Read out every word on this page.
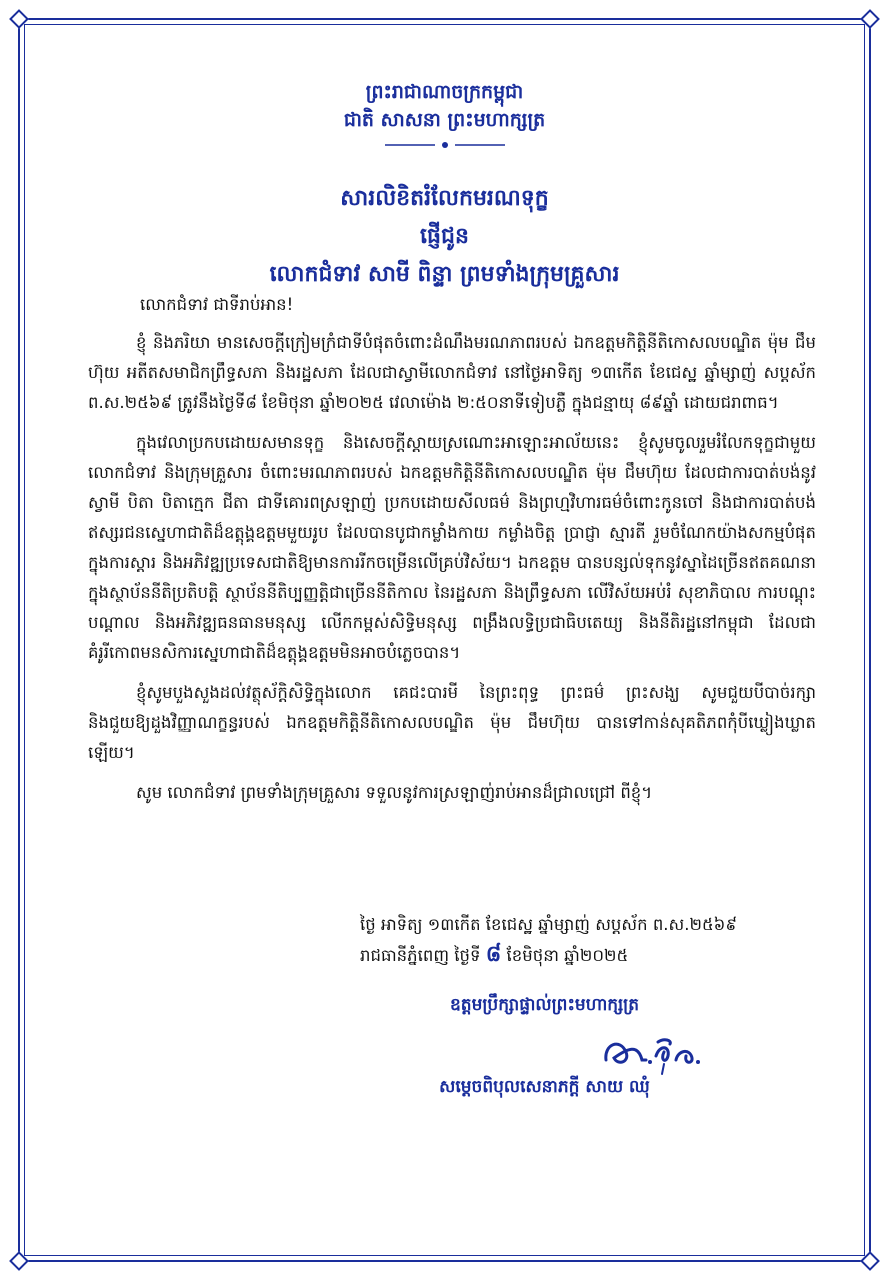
ព្រះរាជាណាចក្រកម្ពុជា
ជាតិ សាសនា ព្រះមហាក្សត្រ
សារលិខិតរំលែកមរណទុក្ខ
ផ្ញើជូន
លោកជំទាវ សាមី ពិន្ទា ព្រមទាំងក្រុមគ្រួសារ
លោកជំទាវ ជាទីរាប់អាន!

ខ្ញុំ និងភរិយា មានសេចក្តីក្រៀមក្រំជាទីបំផុតចំពោះដំណឹងមរណភាពរបស់ ឯកឧត្តមកិត្តិនីតិកោសលបណ្ឌិត ម៉ុម ជឹមហ៊ុយ អតីតសមាជិកព្រឹទ្ធសភា និងរដ្ឋសភា ដែលជាស្វាមីលោកជំទាវ នៅថ្ងៃអាទិត្យ ១៣កើត ខែជេស្ឋ ឆ្នាំម្សាញ់ សប្តស័ក ព.ស.២៥៦៩ ត្រូវនឹងថ្ងៃទី៨ ខែមិថុនា ឆ្នាំ២០២៥ វេលាម៉ោង ២:៥០នាទីទៀបភ្លឺ ក្នុងជន្មាយុ ៨៩ឆ្នាំ ដោយជរាពាធ។

ក្នុងវេលាប្រកបដោយសមានទុក្ខ និងសេចក្តីស្តាយស្រណោះអាឡោះអាល័យនេះ ខ្ញុំសូមចូលរួមរំលែកទុក្ខជាមួយលោកជំទាវ និងក្រុមគ្រួសារ ចំពោះមរណភាពរបស់ ឯកឧត្តមកិត្តិនីតិកោសលបណ្ឌិត ម៉ុម ជឹមហ៊ុយ ដែលជាការបាត់បង់នូវស្វាមី បិតា បិតាក្មេក ជីតា ជាទីគោរពស្រឡាញ់ ប្រកបដោយសីលធម៌ និងព្រហ្មវិហារធម៌ចំពោះកូនចៅ និងជាការបាត់បង់ឥស្សរជនស្នេហាជាតិដ៏ឧត្តុង្គឧត្តមមួយរូប ដែលបានបូជាកម្លាំងកាយ កម្លាំងចិត្ត ប្រាជ្ញា ស្មារតី រួមចំណែកយ៉ាងសកម្មបំផុតក្នុងការស្តារ និងអភិវឌ្ឍប្រទេសជាតិឱ្យមានការរីកចម្រើនលើគ្រប់វិស័យ។ ឯកឧត្តម បានបន្សល់ទុកនូវស្នាដៃច្រើនឥតគណនាក្នុងស្ថាប័ននីតិប្រតិបត្តិ ស្ថាប័ននីតិប្បញ្ញត្តិជាច្រើននីតិកាល នៃរដ្ឋសភា និងព្រឹទ្ធសភា លើវិស័យអប់រំ សុខាភិបាល ការបណ្តុះបណ្តាល និងអភិវឌ្ឍធនធានមនុស្ស លើកកម្ពស់សិទ្ធិមនុស្ស ពង្រឹងលទ្ធិប្រជាធិបតេយ្យ និងនីតិរដ្ឋនៅកម្ពុជា ដែលជាគំរូរីកោពមនសិការស្នេហាជាតិដ៏ឧត្តុង្គឧត្តមមិនអាចបំភ្លេចបាន។

ខ្ញុំសូមបួងសួងដល់វត្ថុស័ក្តិសិទ្ធិក្នុងលោក គេជះបារមី នៃព្រះពុទ្ធ ព្រះធម៌ ព្រះសង្ឃ សូមជួយបីបាច់រក្សា និងជួយឱ្យដួងវិញ្ញាណក្ខន្ធរបស់ ឯកឧត្តមកិត្តិនីតិកោសលបណ្ឌិត ម៉ុម ជឹមហ៊ុយ បានទៅកាន់សុគតិភពកុំបីឃ្លៀងឃ្លាតឡើយ។

សូម លោកជំទាវ ព្រមទាំងក្រុមគ្រួសារ ទទួលនូវការស្រឡាញ់រាប់អានដ៏ជ្រាលជ្រៅ ពីខ្ញុំ។

ថ្ងៃ អាទិត្យ ១៣កើត ខែជេស្ឋ ឆ្នាំម្សាញ់ សប្តស័ក ព.ស.២៥៦៩
រាជធានីភ្នំពេញ ថ្ងៃទី ៨ ខែមិថុនា ឆ្នាំ២០២៥
ឧត្តមប្រឹក្សាផ្ទាល់ព្រះមហាក្សត្រ
សម្តេចពិបុលសេនាភក្តី សាយ ឈុំ
